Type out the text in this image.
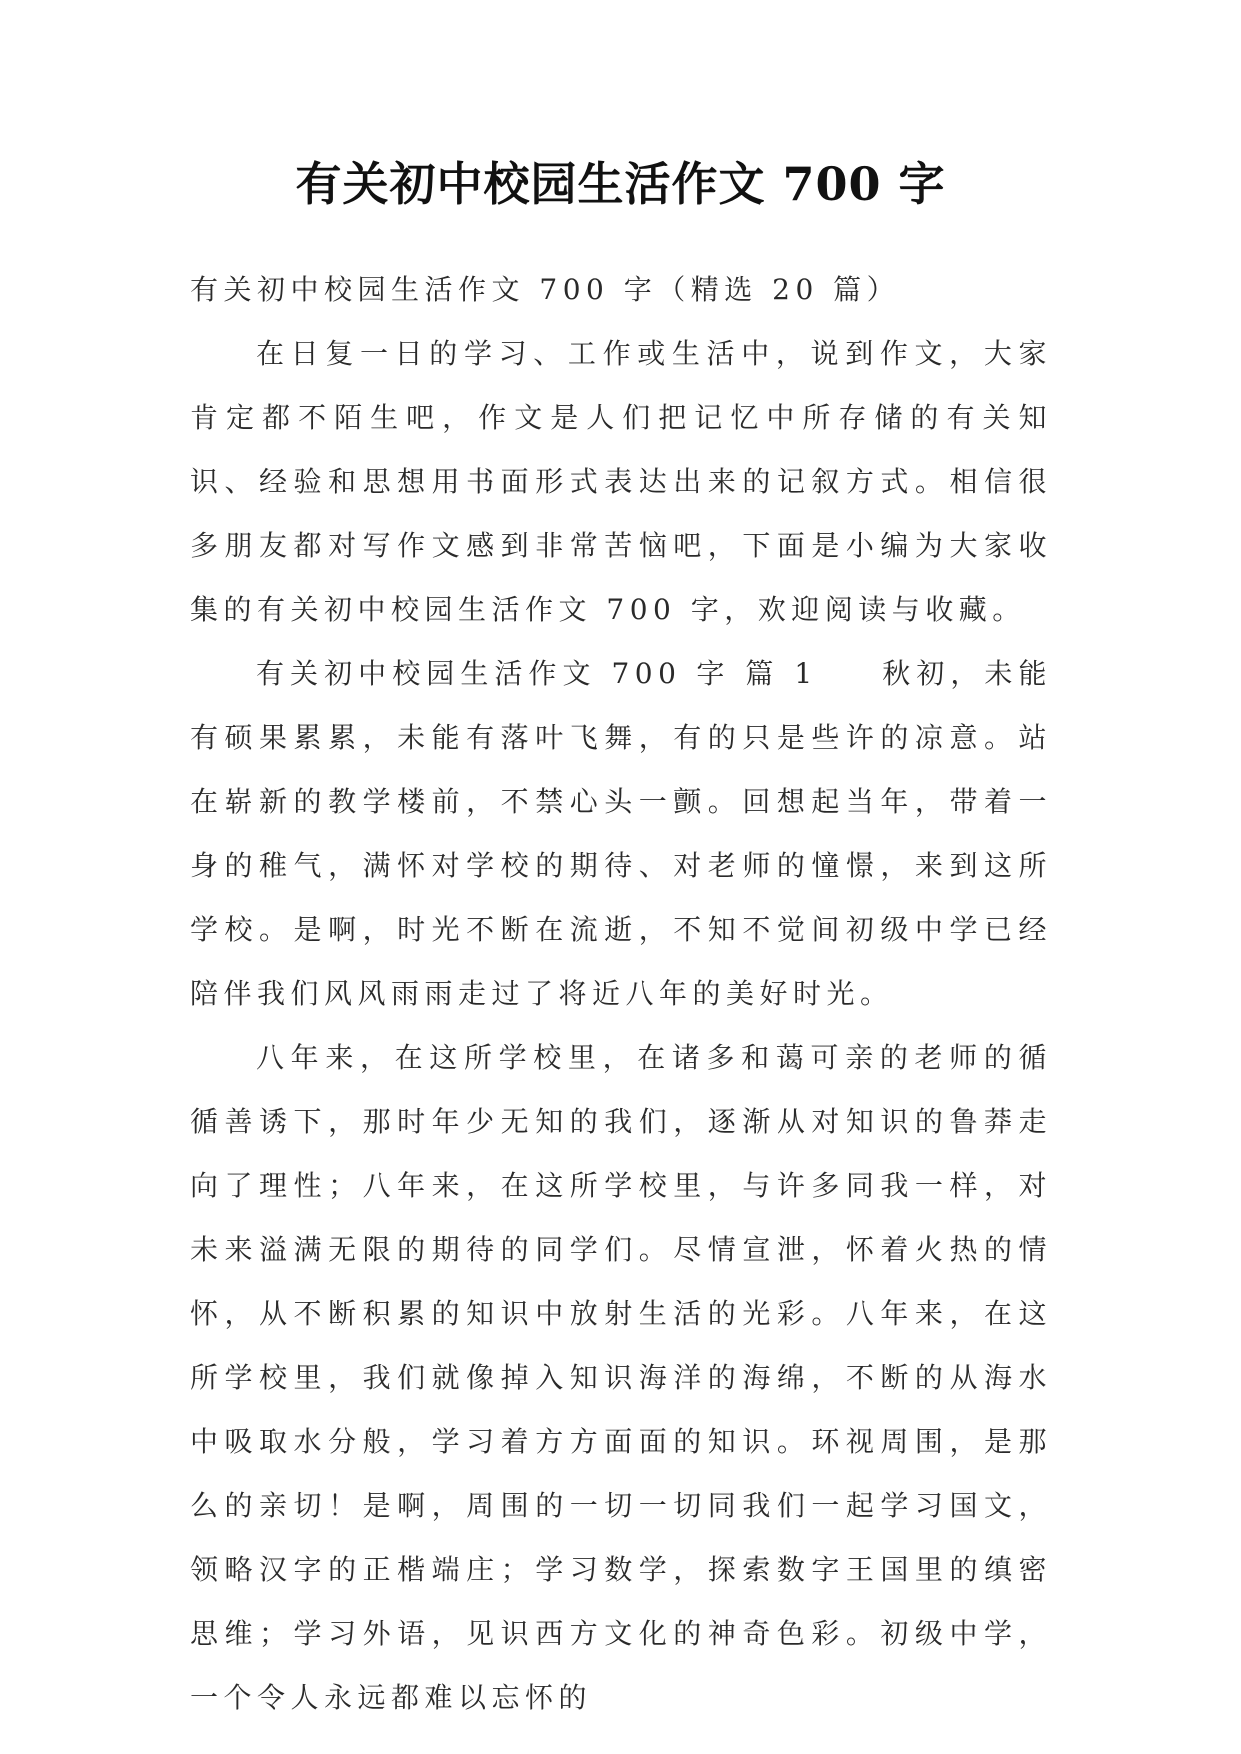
有关初中校园生活作文 700 字

有关初中校园生活作文 700 字（精选 20 篇）

在日复一日的学习、工作或生活中，说到作文，大家肯定都不陌生吧，作文是人们把记忆中所存储的有关知识、经验和思想用书面形式表达出来的记叙方式。相信很多朋友都对写作文感到非常苦恼吧，下面是小编为大家收集的有关初中校园生活作文 700 字，欢迎阅读与收藏。

有关初中校园生活作文 700 字 篇 1 秋初，未能有硕果累累，未能有落叶飞舞，有的只是些许的凉意。站在崭新的教学楼前，不禁心头一颤。回想起当年，带着一身的稚气，满怀对学校的期待、对老师的憧憬，来到这所学校。是啊，时光不断在流逝，不知不觉间初级中学已经陪伴我们风风雨雨走过了将近八年的美好时光。

八年来，在这所学校里，在诸多和蔼可亲的老师的循循善诱下，那时年少无知的我们，逐渐从对知识的鲁莽走向了理性；八年来，在这所学校里，与许多同我一样，对未来溢满无限的期待的同学们。尽情宣泄，怀着火热的情怀，从不断积累的知识中放射生活的光彩。八年来，在这所学校里，我们就像掉入知识海洋的海绵，不断的从海水中吸取水分般，学习着方方面面的知识。环视周围，是那么的亲切！是啊，周围的一切一切同我们一起学习国文，领略汉字的正楷端庄；学习数学，探索数字王国里的缜密思维；学习外语，见识西方文化的神奇色彩。初级中学，一个令人永远都难以忘怀的
